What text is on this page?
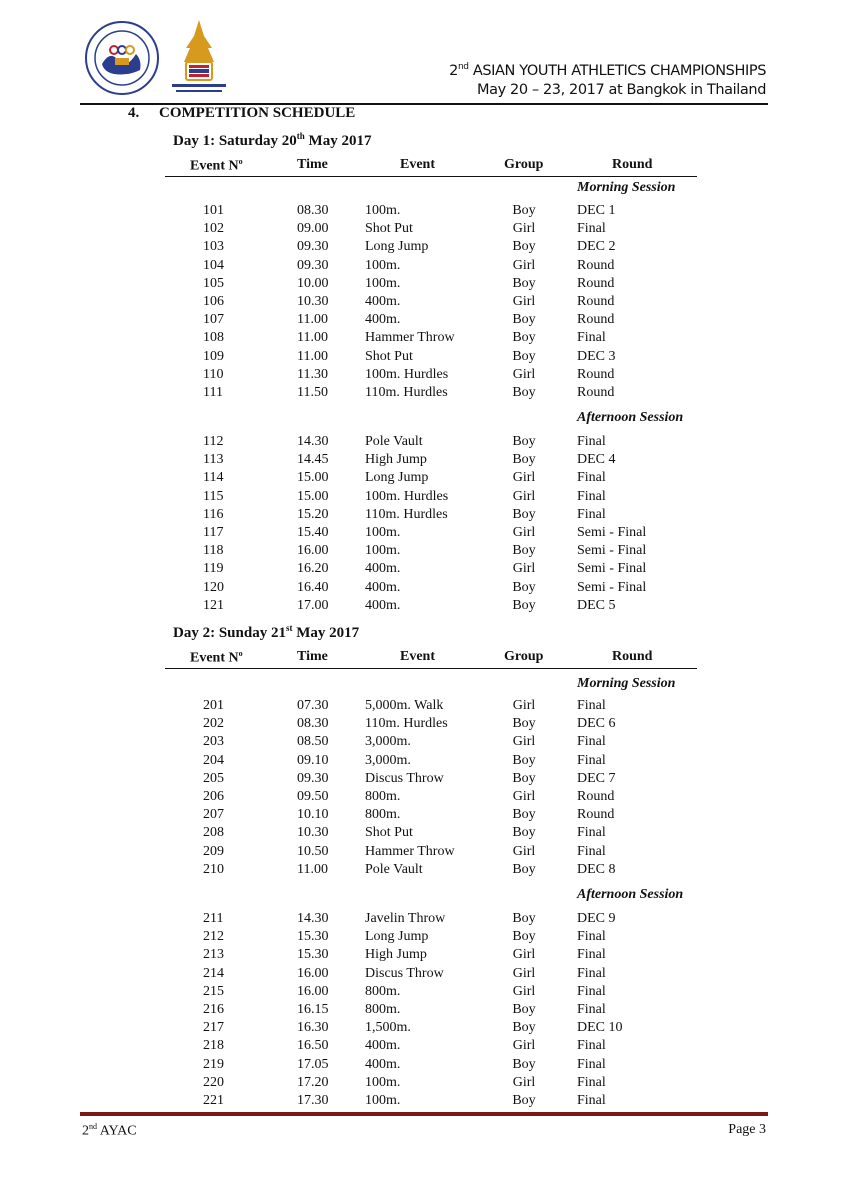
2nd ASIAN YOUTH ATHLETICS CHAMPIONSHIPS
May 20 – 23, 2017 at Bangkok in Thailand
4. COMPETITION SCHEDULE
Day 1: Saturday 20th May 2017
Event $N^o$	Time	Event	Group	Round
Morning Session
101	08.30	100m.	Boy	DEC 1
102	09.00	Shot Put	Girl	Final
103	09.30	Long Jump	Boy	DEC 2
104	09.30	100m.	Girl	Round
105	10.00	100m.	Boy	Round
106	10.30	400m.	Girl	Round
107	11.00	400m.	Boy	Round
108	11.00	Hammer Throw	Boy	Final
109	11.00	Shot Put	Boy	DEC 3
110	11.30	100m. Hurdles	Girl	Round
111	11.50	110m. Hurdles	Boy	Round
Afternoon Session
112	14.30	Pole Vault	Boy	Final
113	14.45	High Jump	Boy	DEC 4
114	15.00	Long Jump	Girl	Final
115	15.00	100m. Hurdles	Girl	Final
116	15.20	110m. Hurdles	Boy	Final
117	15.40	100m.	Girl	Semi - Final
118	16.00	100m.	Boy	Semi - Final
119	16.20	400m.	Girl	Semi - Final
120	16.40	400m.	Boy	Semi - Final
121	17.00	400m.	Boy	DEC 5
Day 2: Sunday 21st May 2017
Event $N^o$	Time	Event	Group	Round
Morning Session
201	07.30	5,000m. Walk	Girl	Final
202	08.30	110m. Hurdles	Boy	DEC 6
203	08.50	3,000m.	Girl	Final
204	09.10	3,000m.	Boy	Final
205	09.30	Discus Throw	Boy	DEC 7
206	09.50	800m.	Girl	Round
207	10.10	800m.	Boy	Round
208	10.30	Shot Put	Boy	Final
209	10.50	Hammer Throw	Girl	Final
210	11.00	Pole Vault	Boy	DEC 8
Afternoon Session
211	14.30	Javelin Throw	Boy	DEC 9
212	15.30	Long Jump	Boy	Final
213	15.30	High Jump	Girl	Final
214	16.00	Discus Throw	Girl	Final
215	16.00	800m.	Girl	Final
216	16.15	800m.	Boy	Final
217	16.30	1,500m.	Boy	DEC 10
218	16.50	400m.	Girl	Final
219	17.05	400m.	Boy	Final
220	17.20	100m.	Girl	Final
221	17.30	100m.	Boy	Final
2nd AYAC	Page 3
